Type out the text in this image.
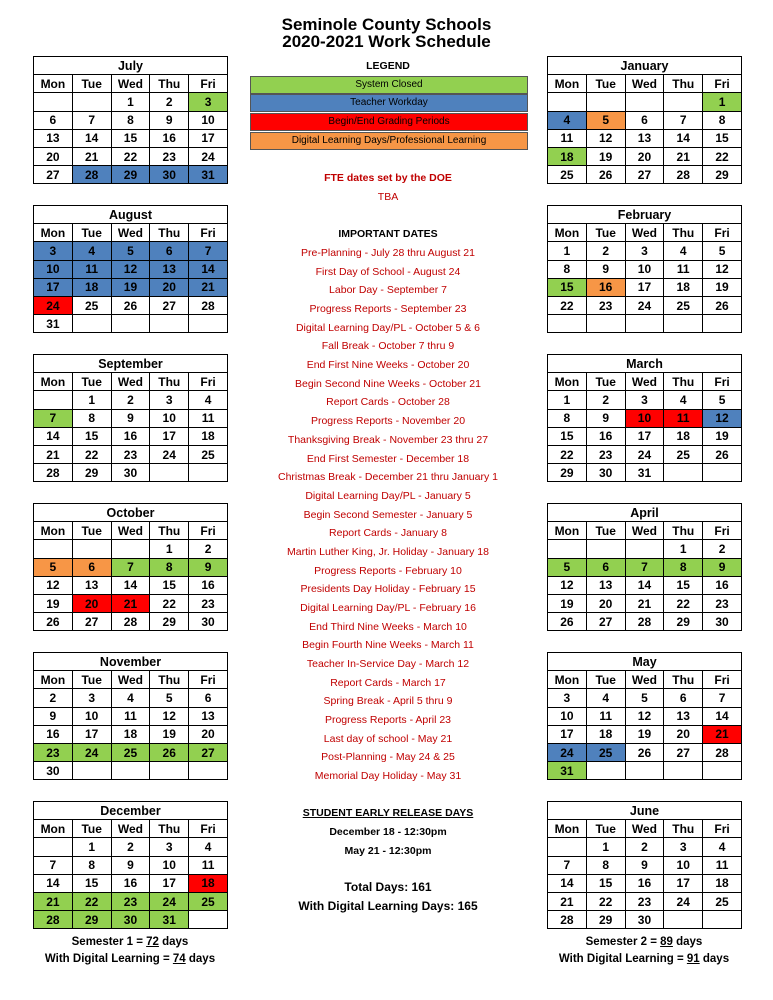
Seminole County Schools
2020-2021 Work Schedule
July				
Mon	Tue	Wed	Thu	Fri
		1	2	3
6	7	8	9	10
13	14	15	16	17
20	21	22	23	24
27	28	29	30	31
August				
Mon	Tue	Wed	Thu	Fri
3	4	5	6	7
10	11	12	13	14
17	18	19	20	21
24	25	26	27	28
31				
September				
Mon	Tue	Wed	Thu	Fri
	1	2	3	4
7	8	9	10	11
14	15	16	17	18
21	22	23	24	25
28	29	30		
October				
Mon	Tue	Wed	Thu	Fri
			1	2
5	6	7	8	9
12	13	14	15	16
19	20	21	22	23
26	27	28	29	30
November				
Mon	Tue	Wed	Thu	Fri
2	3	4	5	6
9	10	11	12	13
16	17	18	19	20
23	24	25	26	27
30				
December				
Mon	Tue	Wed	Thu	Fri
	1	2	3	4
7	8	9	10	11
14	15	16	17	18
21	22	23	24	25
28	29	30	31	
January				
Mon	Tue	Wed	Thu	Fri
				1
4	5	6	7	8
11	12	13	14	15
18	19	20	21	22
25	26	27	28	29
February				
Mon	Tue	Wed	Thu	Fri
1	2	3	4	5
8	9	10	11	12
15	16	17	18	19
22	23	24	25	26

March				
Mon	Tue	Wed	Thu	Fri
1	2	3	4	5
8	9	10	11	12
15	16	17	18	19
22	23	24	25	26
29	30	31		
April				
Mon	Tue	Wed	Thu	Fri
			1	2
5	6	7	8	9
12	13	14	15	16
19	20	21	22	23
26	27	28	29	30
May				
Mon	Tue	Wed	Thu	Fri
3	4	5	6	7
10	11	12	13	14
17	18	19	20	21
24	25	26	27	28
31				
June				
Mon	Tue	Wed	Thu	Fri
	1	2	3	4
7	8	9	10	11
14	15	16	17	18
21	22	23	24	25
28	29	30		
LEGEND
System Closed
Teacher Workday
Begin/End Grading Periods
Digital Learning Days/Professional Learning
FTE dates set by the DOE
TBA
IMPORTANT DATES
Pre-Planning - July 28 thru August 21
First Day of School - August 24
Labor Day - September 7
Progress Reports - September 23
Digital Learning Day/PL - October 5 & 6
Fall Break - October 7 thru 9
End First Nine Weeks - October 20
Begin Second Nine Weeks - October 21
Report Cards - October 28
Progress Reports - November 20
Thanksgiving Break - November 23 thru 27
End First Semester - December 18
Christmas Break - December 21 thru January 1
Digital Learning Day/PL - January 5
Begin Second Semester - January 5
Report Cards - January 8
Martin Luther King, Jr. Holiday - January 18
Progress Reports - February 10
Presidents Day Holiday - February 15
Digital Learning Day/PL - February 16
End Third Nine Weeks - March 10
Begin Fourth Nine Weeks - March 11
Teacher In-Service Day - March 12
Report Cards - March 17
Spring Break - April 5 thru 9
Progress Reports - April 23
Last day of school - May 21
Post-Planning - May 24 & 25
Memorial Day Holiday - May 31
STUDENT EARLY RELEASE DAYS
December 18 - 12:30pm
May 21 - 12:30pm
Total Days: 161
With Digital Learning Days: 165
Semester 1 = 72 days
With Digital Learning = 74 days
Semester 2 = 89 days
With Digital Learning = 91 days
